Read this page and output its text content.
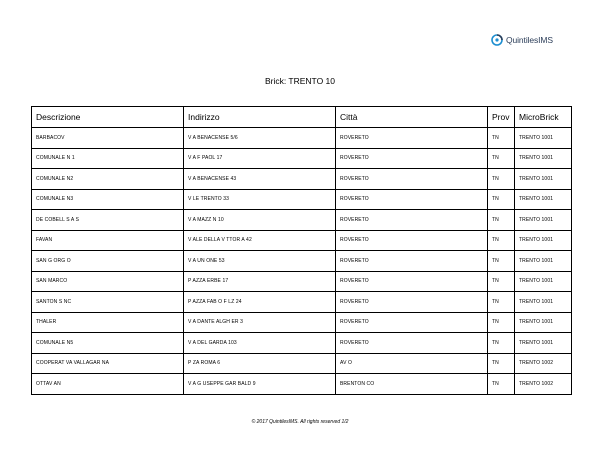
QuintilesIMS
Brick: TRENTO 10
Descrizione	Indirizzo	Città	Prov	MicroBrick
BARBACOV	V A BENACENSE 5/6	ROVERETO	TN	TRENTO 1001
COMUNALE N 1	V A F PAOL 17	ROVERETO	TN	TRENTO 1001
COMUNALE N2	V A BENACENSE 43	ROVERETO	TN	TRENTO 1001
COMUNALE N3	V LE TRENTO 33	ROVERETO	TN	TRENTO 1001
DE COBELL S A S	V A MAZZ N 10	ROVERETO	TN	TRENTO 1001
FAVAN	V ALE DELLA V TTOR A 42	ROVERETO	TN	TRENTO 1001
SAN G ORG O	V A UN ONE 53	ROVERETO	TN	TRENTO 1001
SAN MARCO	P AZZA ERBE 17	ROVERETO	TN	TRENTO 1001
SANTON S NC	P AZZA FAB O F LZ 24	ROVERETO	TN	TRENTO 1001
THALER	V A DANTE ALGH ER 3	ROVERETO	TN	TRENTO 1001
COMUNALE N5	V A DEL GARDA 103	ROVERETO	TN	TRENTO 1001
COOPERAT VA VALLAGAR NA	P ZA ROMA 6	AV O	TN	TRENTO 1002
OTTAV AN	V A G USEPPE GAR BALD 9	BRENTON CO	TN	TRENTO 1002
© 2017 QuintilesIMS. All rights reserved 1/2
